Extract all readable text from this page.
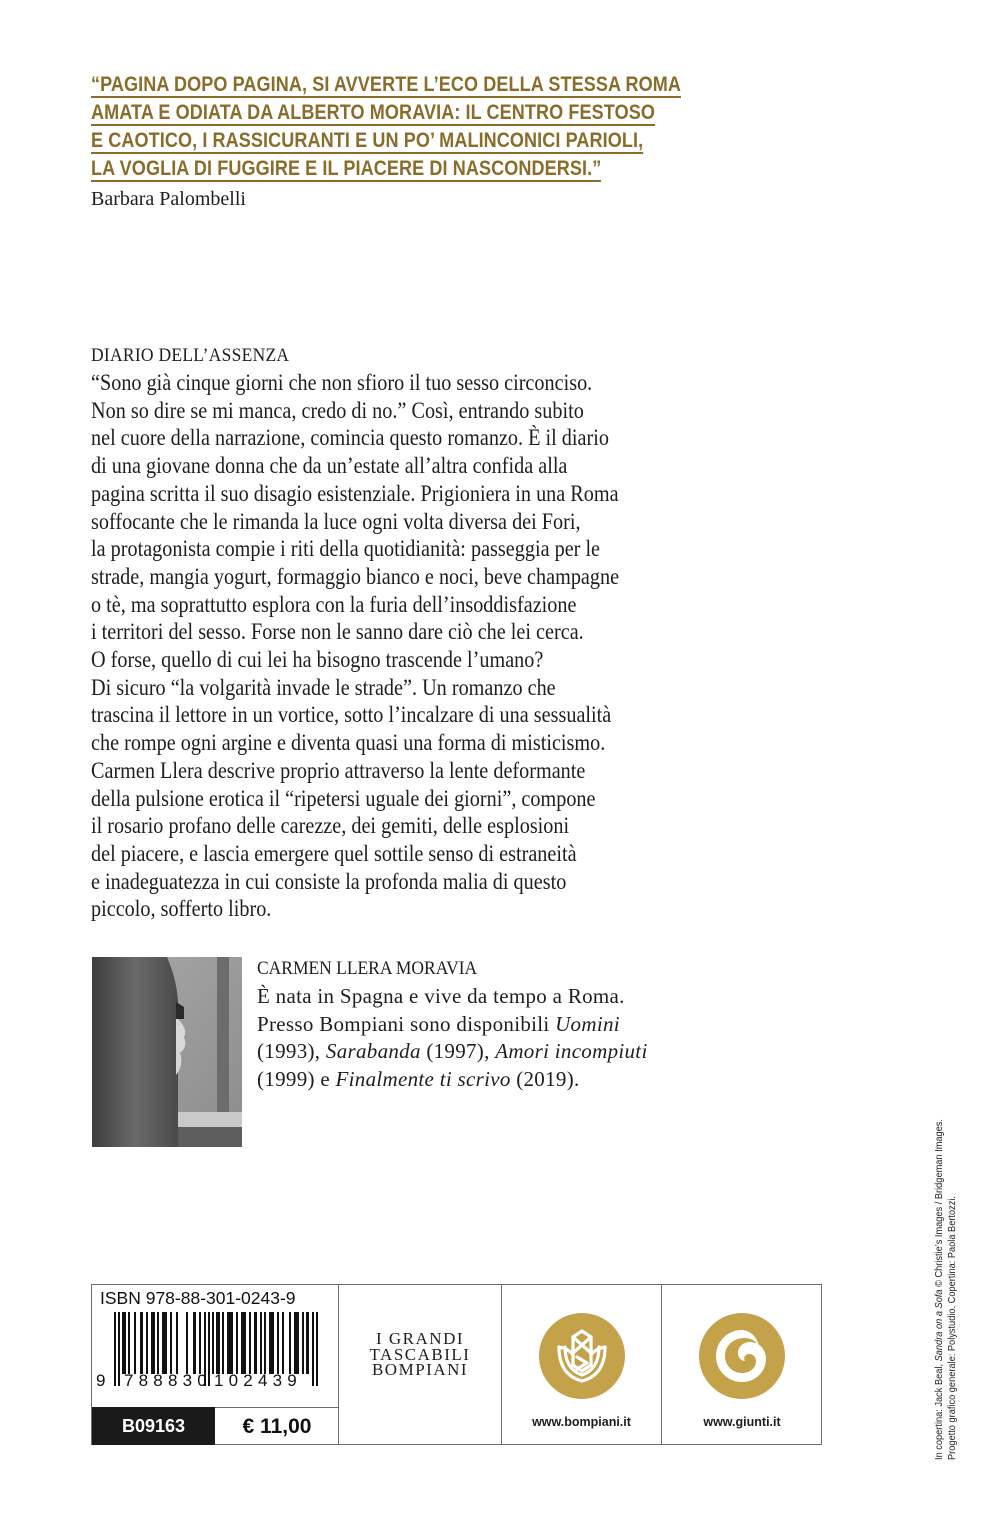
“PAGINA DOPO PAGINA, SI AVVERTE L’ECO DELLA STESSA ROMA
AMATA E ODIATA DA ALBERTO MORAVIA: IL CENTRO FESTOSO
E CAOTICO, I RASSICURANTI E UN PO’ MALINCONICI PARIOLI,
LA VOGLIA DI FUGGIRE E IL PIACERE DI NASCONDERSI.”
Barbara Palombelli
DIARIO DELL’ASSENZA
“Sono già cinque giorni che non sfioro il tuo sesso circonciso.
Non so dire se mi manca, credo di no.” Così, entrando subito
nel cuore della narrazione, comincia questo romanzo. È il diario
di una giovane donna che da un’estate all’altra confida alla
pagina scritta il suo disagio esistenziale. Prigioniera in una Roma
soffocante che le rimanda la luce ogni volta diversa dei Fori,
la protagonista compie i riti della quotidianità: passeggia per le
strade, mangia yogurt, formaggio bianco e noci, beve champagne
o tè, ma soprattutto esplora con la furia dell’insoddisfazione
i territori del sesso. Forse non le sanno dare ciò che lei cerca.
O forse, quello di cui lei ha bisogno trascende l’umano?
Di sicuro “la volgarità invade le strade”. Un romanzo che
trascina il lettore in un vortice, sotto l’incalzare di una sessualità
che rompe ogni argine e diventa quasi una forma di misticismo.
Carmen Llera descrive proprio attraverso la lente deformante
della pulsione erotica il “ripetersi uguale dei giorni”, compone
il rosario profano delle carezze, dei gemiti, delle esplosioni
del piacere, e lascia emergere quel sottile senso di estraneità
e inadeguatezza in cui consiste la profonda malia di questo
piccolo, sofferto libro.
CARMEN LLERA MORAVIA
È nata in Spagna e vive da tempo a Roma.
Presso Bompiani sono disponibili Uomini
(1993), Sarabanda (1997), Amori incompiuti
(1999) e Finalmente ti scrivo (2019).
ISBN 978-88-301-0243-9
9 788830 102439
B09163	€ 11,00
I GRANDI
TASCABILI
BOMPIANI
www.bompiani.it	www.giunti.it	In copertina: Jack Beal, Sandra on a Sofa © Christie’s Images / Bridgeman Images. Progetto grafico generale: Polystudio. Copertina: Paola Bertozzi.
